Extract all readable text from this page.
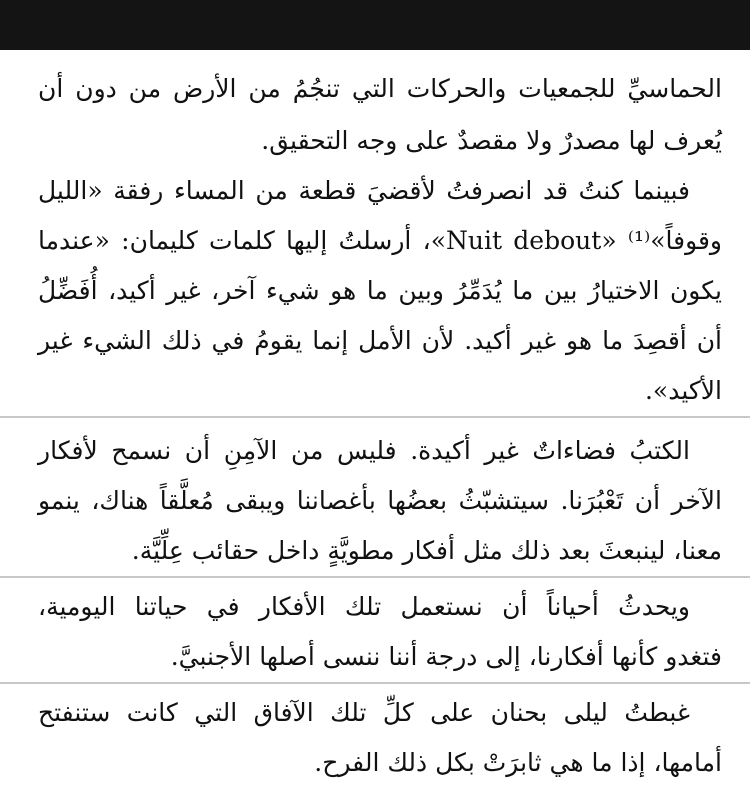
الحماسيِّ للجمعيات والحركات التي تنجُمُ من الأرض من دون أن
يُعرف لها مصدرٌ ولا مقصدٌ على وجه التحقيق.
فبينما كنتُ قد انصرفتُ لأقضيَ قطعة من المساء رفقة «الليل
وقوفاً»⁽¹⁾ «Nuit debout»، أرسلتُ إليها كلمات كليمان: «عندما
يكون الاختيارُ بين ما يُدَمِّرُ وبين ما هو شيء آخر، غير أكيد، أُفَضِّلُ
أن أقصِدَ ما هو غير أكيد. لأن الأمل إنما يقومُ في ذلك الشيء غير
الأكيد».
الكتبُ فضاءاتٌ غير أكيدة. فليس من الآمِنِ أن نسمح لأفكار
الآخر أن تَعْبُرَنا. سيتشبّثُ بعضُها بأغصاننا ويبقى مُعلَّقاً هناك، ينمو
معنا، لينبعثَ بعد ذلك مثل أفكار مطويَّةٍ داخل حقائب عِلِّيَّة.
ويحدثُ أحياناً أن نستعمل تلك الأفكار في حياتنا اليومية،
فتغدو كأنها أفكارنا، إلى درجة أننا ننسى أصلها الأجنبيَّ.
غبطتُ ليلى بحنان على كلِّ تلك الآفاق التي كانت ستنفتح
أمامها، إذا ما هي ثابرَتْ بكل ذلك الفرح.
